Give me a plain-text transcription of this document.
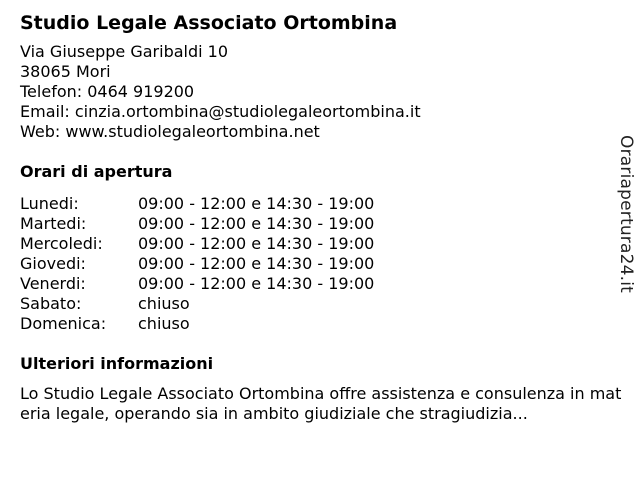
Studio Legale Associato Ortombina
Via Giuseppe Garibaldi 10
38065 Mori
Telefon: 0464 919200
Email: cinzia.ortombina@studiolegaleortombina.it
Web: www.studiolegaleortombina.net
Orari di apertura
Lunedi:	09:00 - 12:00 e 14:30 - 19:00
Martedi:	09:00 - 12:00 e 14:30 - 19:00
Mercoledi:	09:00 - 12:00 e 14:30 - 19:00
Giovedi:	09:00 - 12:00 e 14:30 - 19:00
Venerdi:	09:00 - 12:00 e 14:30 - 19:00
Sabato:	chiuso
Domenica:	chiuso
Ulteriori informazioni
Lo Studio Legale Associato Ortombina offre assistenza e consulenza in materia legale, operando sia in ambito giudiziale che stragiudizia...
Orariapertura24.it
